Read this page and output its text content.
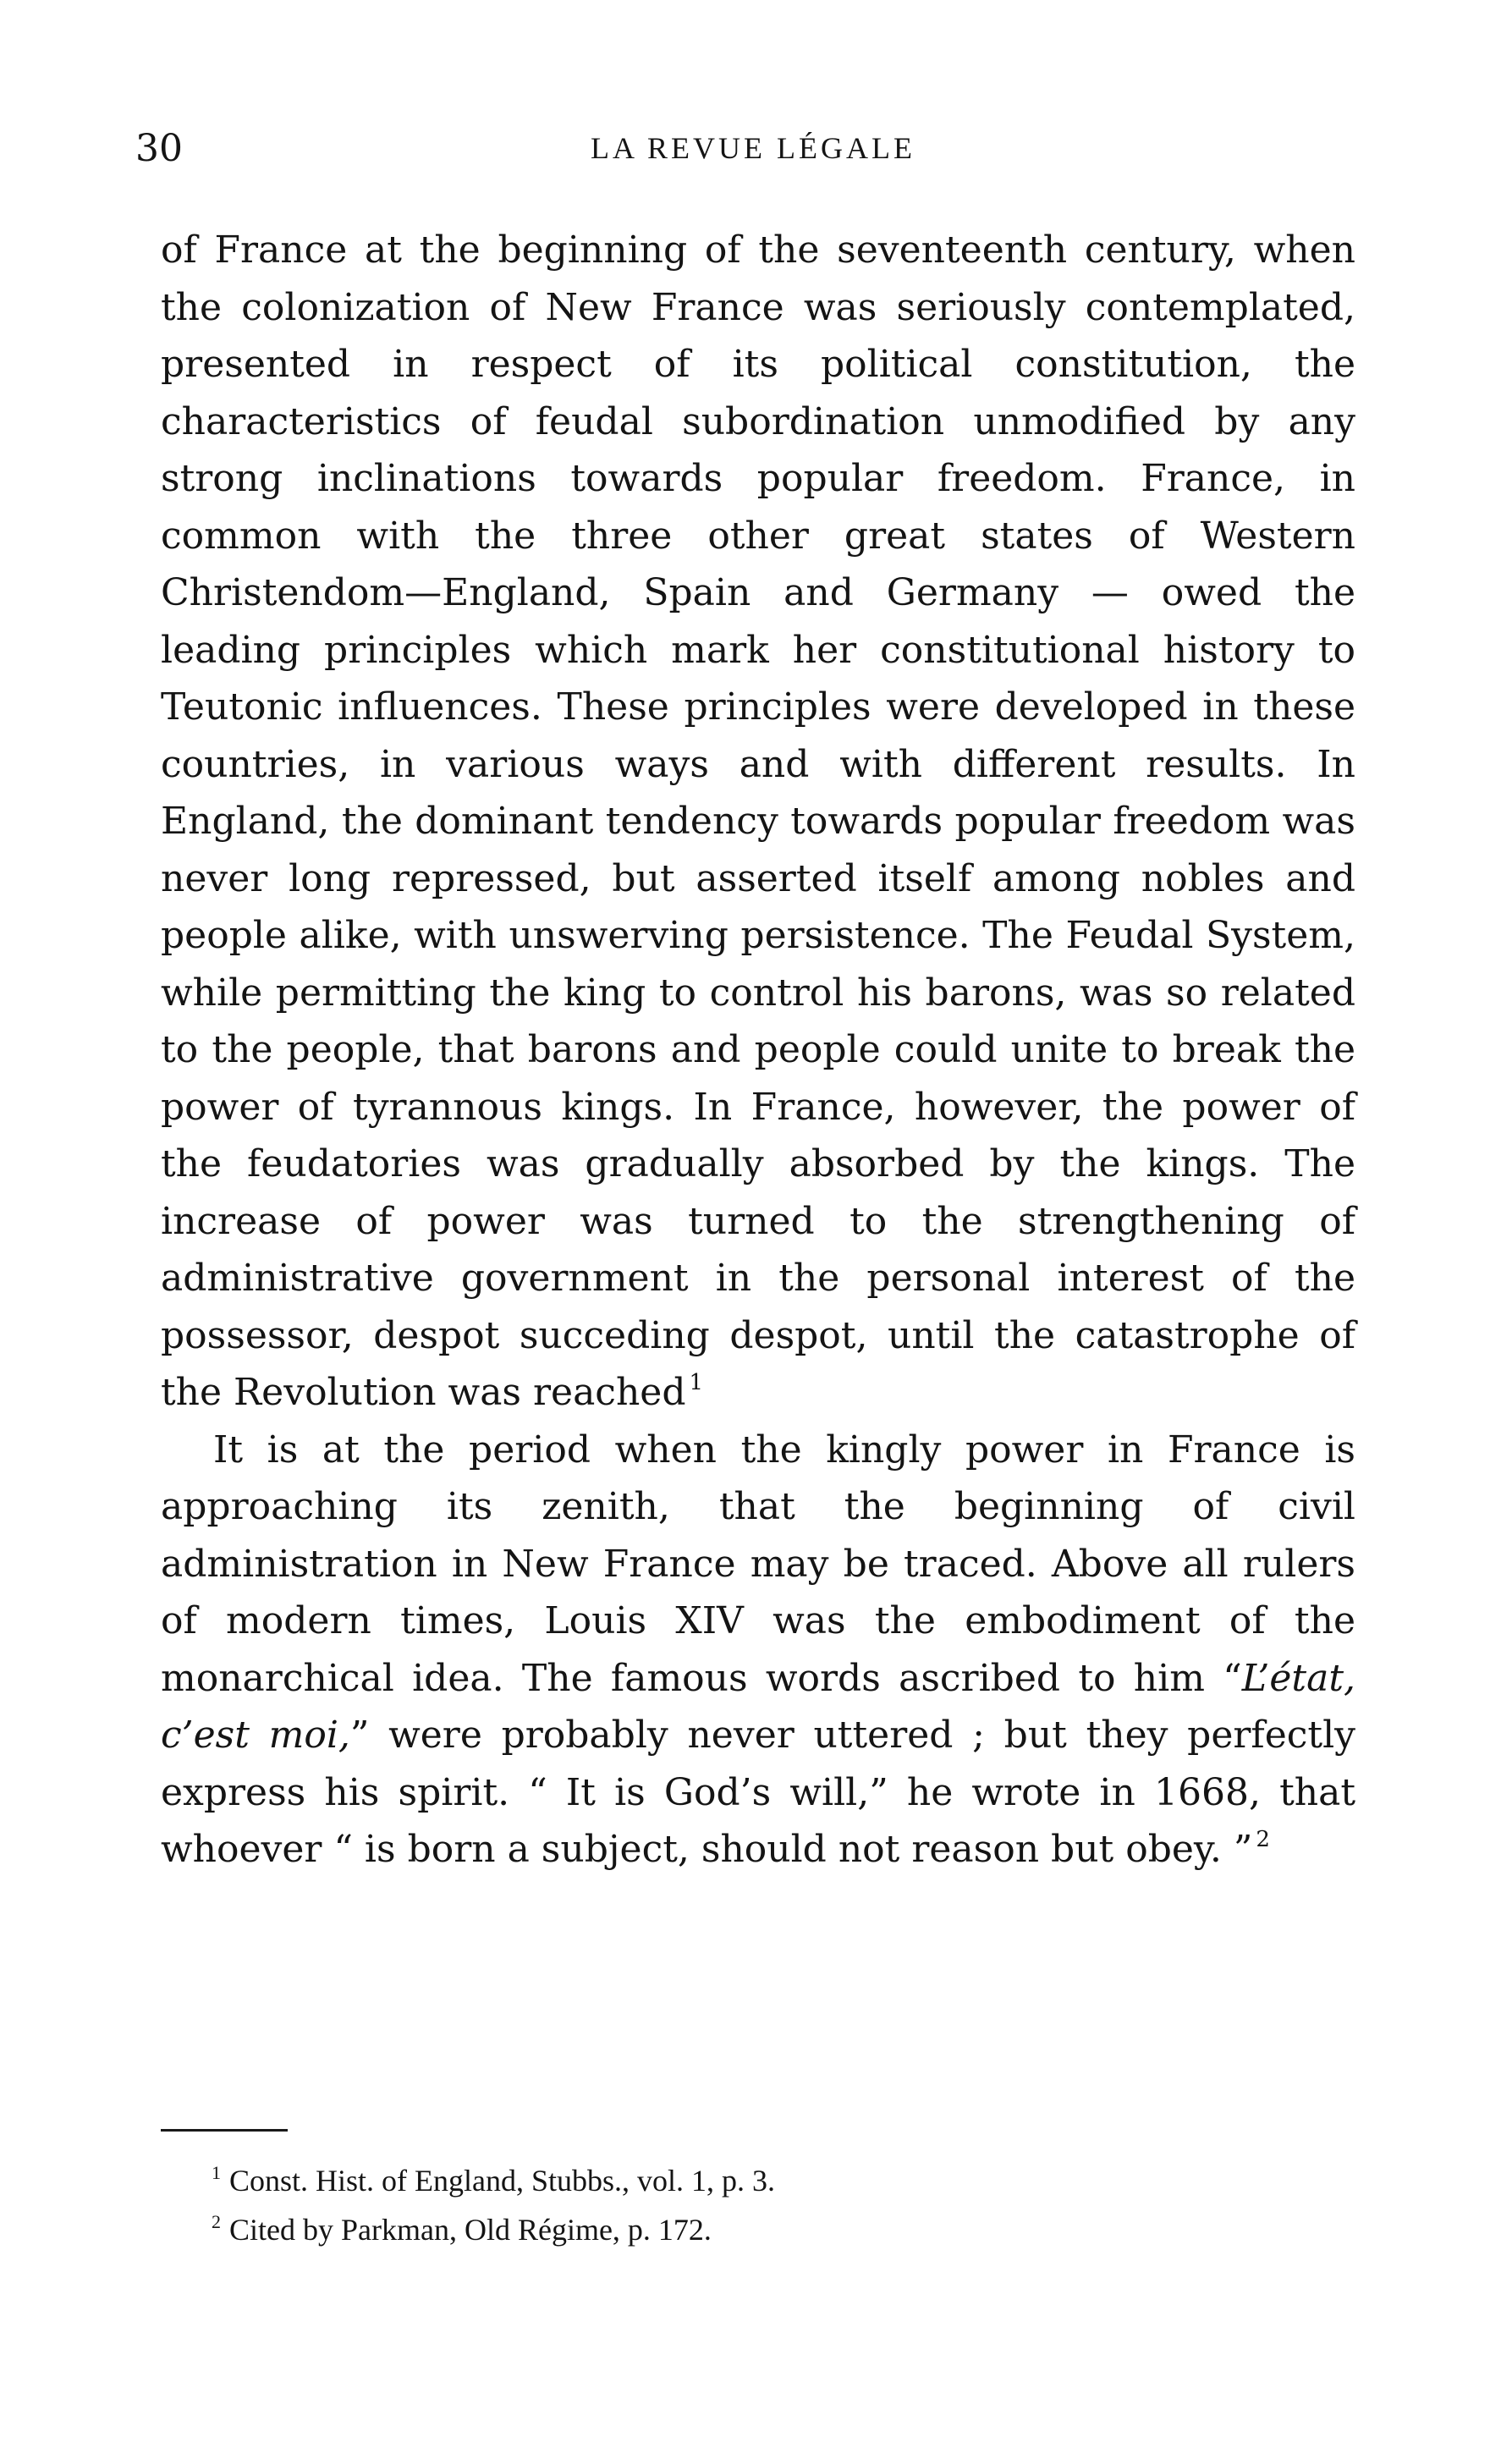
30	LA REVUE LÉGALE

of France at the beginning of the seventeenth century, when the colonization of New France was seriously contemplated, presented in respect of its political constitution, the characteristics of feudal subordination unmodified by any strong inclinations towards popular freedom. France, in common with the three other great states of Western Christendom—England, Spain and Germany — owed the leading principles which mark her constitutional history to Teutonic influences. These principles were developed in these countries, in various ways and with different results. In England, the dominant tendency towards popular freedom was never long repressed, but asserted itself among nobles and people alike, with unswerving persistence. The Feudal System, while permitting the king to control his barons, was so related to the people, that barons and people could unite to break the power of tyrannous kings. In France, however, the power of the feudatories was gradually absorbed by the kings. The increase of power was turned to the strengthening of administrative government in the personal interest of the possessor, despot succeding despot, until the catastrophe of the Revolution was reached $^1$

It is at the period when the kingly power in France is approaching its zenith, that the beginning of civil administration in New France may be traced. Above all rulers of modern times, Louis XIV was the embodiment of the monarchical idea. The famous words ascribed to him “L’état, c’est moi,” were probably never uttered ; but they perfectly express his spirit. “ It is God’s will,” he wrote in 1668, that whoever “ is born a subject, should not reason but obey. ” $^2$

$^1$ Const. Hist. of England, Stubbs., vol. 1, p. 3.
$^2$ Cited by Parkman, Old Régime, p. 172.
